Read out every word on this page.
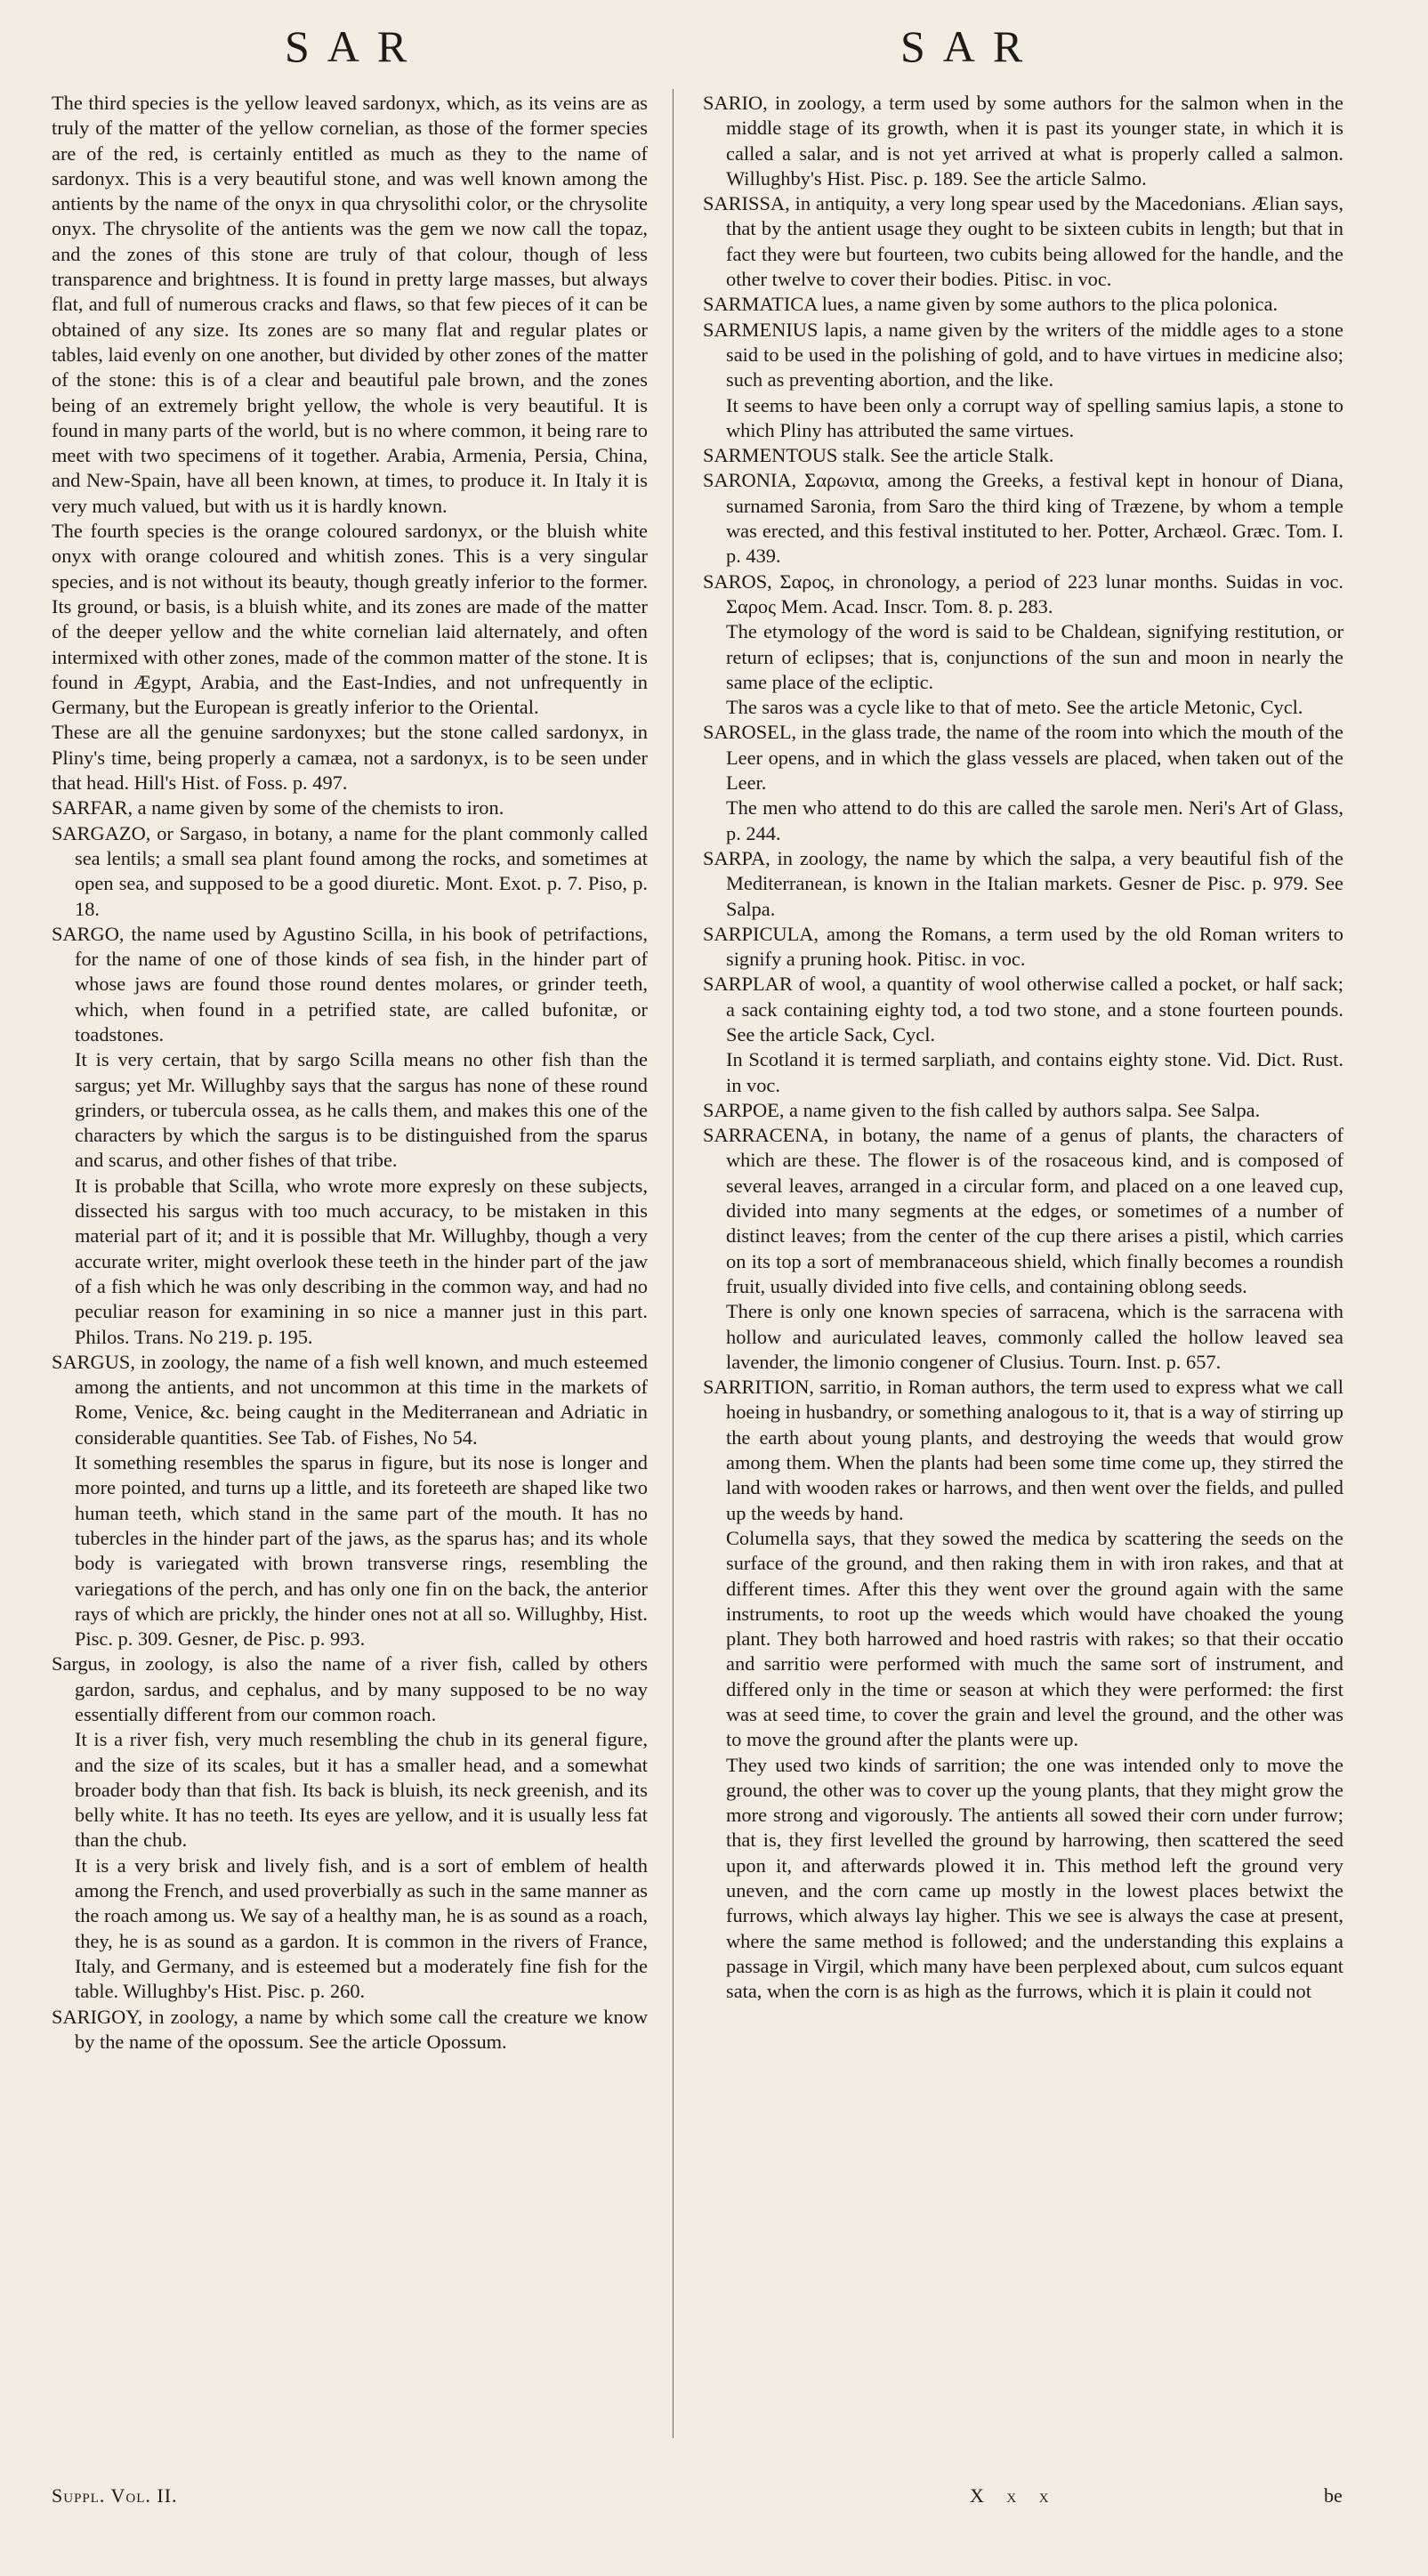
SAR	SAR

The third species is the yellow leaved sardonyx, which, as its veins are as truly of the matter of the yellow cornelian, as those of the former species are of the red, is certainly entitled as much as they to the name of sardonyx. This is a very beautiful stone, and was well known among the antients by the name of the onyx in qua chrysolithi color, or the chrysolite onyx. The chrysolite of the antients was the gem we now call the topaz, and the zones of this stone are truly of that colour, though of less transparence and brightness. It is found in pretty large masses, but always flat, and full of numerous cracks and flaws, so that few pieces of it can be obtained of any size. Its zones are so many flat and regular plates or tables, laid evenly on one another, but divided by other zones of the matter of the stone: this is of a clear and beautiful pale brown, and the zones being of an extremely bright yellow, the whole is very beautiful. It is found in many parts of the world, but is no where common, it being rare to meet with two specimens of it together. Arabia, Armenia, Persia, China, and New-Spain, have all been known, at times, to produce it. In Italy it is very much valued, but with us it is hardly known.

The fourth species is the orange coloured sardonyx, or the bluish white onyx with orange coloured and whitish zones. This is a very singular species, and is not without its beauty, though greatly inferior to the former. Its ground, or basis, is a bluish white, and its zones are made of the matter of the deeper yellow and the white cornelian laid alternately, and often intermixed with other zones, made of the common matter of the stone. It is found in Ægypt, Arabia, and the East-Indies, and not unfrequently in Germany, but the European is greatly inferior to the Oriental.

These are all the genuine sardonyxes; but the stone called sardonyx, in Pliny's time, being properly a camæa, not a sardonyx, is to be seen under that head. Hill's Hist. of Foss. p. 497.

SARFAR, a name given by some of the chemists to iron.

SARGAZO, or Sargaso, in botany, a name for the plant commonly called sea lentils; a small sea plant found among the rocks, and sometimes at open sea, and supposed to be a good diuretic. Mont. Exot. p. 7. Piso, p. 18.

SARGO, the name used by Agustino Scilla, in his book of petrifactions, for the name of one of those kinds of sea fish, in the hinder part of whose jaws are found those round dentes molares, or grinder teeth, which, when found in a petrified state, are called bufonitæ, or toadstones.

It is very certain, that by sargo Scilla means no other fish than the sargus; yet Mr. Willughby says that the sargus has none of these round grinders, or tubercula ossea, as he calls them, and makes this one of the characters by which the sargus is to be distinguished from the sparus and scarus, and other fishes of that tribe.

It is probable that Scilla, who wrote more expresly on these subjects, dissected his sargus with too much accuracy, to be mistaken in this material part of it; and it is possible that Mr. Willughby, though a very accurate writer, might overlook these teeth in the hinder part of the jaw of a fish which he was only describing in the common way, and had no peculiar reason for examining in so nice a manner just in this part. Philos. Trans. No 219. p. 195.

SARGUS, in zoology, the name of a fish well known, and much esteemed among the antients, and not uncommon at this time in the markets of Rome, Venice, &c. being caught in the Mediterranean and Adriatic in considerable quantities. See Tab. of Fishes, No 54.

It something resembles the sparus in figure, but its nose is longer and more pointed, and turns up a little, and its foreteeth are shaped like two human teeth, which stand in the same part of the mouth. It has no tubercles in the hinder part of the jaws, as the sparus has; and its whole body is variegated with brown transverse rings, resembling the variegations of the perch, and has only one fin on the back, the anterior rays of which are prickly, the hinder ones not at all so. Willughby, Hist. Pisc. p. 309. Gesner, de Pisc. p. 993.

Sargus, in zoology, is also the name of a river fish, called by others gardon, sardus, and cephalus, and by many supposed to be no way essentially different from our common roach.

It is a river fish, very much resembling the chub in its general figure, and the size of its scales, but it has a smaller head, and a somewhat broader body than that fish. Its back is bluish, its neck greenish, and its belly white. It has no teeth. Its eyes are yellow, and it is usually less fat than the chub.

It is a very brisk and lively fish, and is a sort of emblem of health among the French, and used proverbially as such in the same manner as the roach among us. We say of a healthy man, he is as sound as a roach, they, he is as sound as a gardon. It is common in the rivers of France, Italy, and Germany, and is esteemed but a moderately fine fish for the table. Willughby's Hist. Pisc. p. 260.

SARIGOY, in zoology, a name by which some call the creature we know by the name of the opossum. See the article Opossum.

SARIO, in zoology, a term used by some authors for the salmon when in the middle stage of its growth, when it is past its younger state, in which it is called a salar, and is not yet arrived at what is properly called a salmon. Willughby's Hist. Pisc. p. 189. See the article Salmo.

SARISSA, in antiquity, a very long spear used by the Macedonians. Ælian says, that by the antient usage they ought to be sixteen cubits in length; but that in fact they were but fourteen, two cubits being allowed for the handle, and the other twelve to cover their bodies. Pitisc. in voc.

SARMATICA lues, a name given by some authors to the plica polonica.

SARMENIUS lapis, a name given by the writers of the middle ages to a stone said to be used in the polishing of gold, and to have virtues in medicine also; such as preventing abortion, and the like.

It seems to have been only a corrupt way of spelling samius lapis, a stone to which Pliny has attributed the same virtues.

SARMENTOUS stalk. See the article Stalk.

SARONIA, Σαρωνια, among the Greeks, a festival kept in honour of Diana, surnamed Saronia, from Saro the third king of Træzene, by whom a temple was erected, and this festival instituted to her. Potter, Archæol. Græc. Tom. I. p. 439.

SAROS, Σαρος, in chronology, a period of 223 lunar months. Suidas in voc. Σαρος Mem. Acad. Inscr. Tom. 8. p. 283.

The etymology of the word is said to be Chaldean, signifying restitution, or return of eclipses; that is, conjunctions of the sun and moon in nearly the same place of the ecliptic.

The saros was a cycle like to that of meto. See the article Metonic, Cycl.

SAROSEL, in the glass trade, the name of the room into which the mouth of the Leer opens, and in which the glass vessels are placed, when taken out of the Leer.

The men who attend to do this are called the sarole men. Neri's Art of Glass, p. 244.

SARPA, in zoology, the name by which the salpa, a very beautiful fish of the Mediterranean, is known in the Italian markets. Gesner de Pisc. p. 979. See Salpa.

SARPICULA, among the Romans, a term used by the old Roman writers to signify a pruning hook. Pitisc. in voc.

SARPLAR of wool, a quantity of wool otherwise called a pocket, or half sack; a sack containing eighty tod, a tod two stone, and a stone fourteen pounds. See the article Sack, Cycl.

In Scotland it is termed sarpliath, and contains eighty stone. Vid. Dict. Rust. in voc.

SARPOE, a name given to the fish called by authors salpa. See Salpa.

SARRACENA, in botany, the name of a genus of plants, the characters of which are these. The flower is of the rosaceous kind, and is composed of several leaves, arranged in a circular form, and placed on a one leaved cup, divided into many segments at the edges, or sometimes of a number of distinct leaves; from the center of the cup there arises a pistil, which carries on its top a sort of membranaceous shield, which finally becomes a roundish fruit, usually divided into five cells, and containing oblong seeds.

There is only one known species of sarracena, which is the sarracena with hollow and auriculated leaves, commonly called the hollow leaved sea lavender, the limonio congener of Clusius. Tourn. Inst. p. 657.

SARRITION, sarritio, in Roman authors, the term used to express what we call hoeing in husbandry, or something analogous to it, that is a way of stirring up the earth about young plants, and destroying the weeds that would grow among them. When the plants had been some time come up, they stirred the land with wooden rakes or harrows, and then went over the fields, and pulled up the weeds by hand.

Columella says, that they sowed the medica by scattering the seeds on the surface of the ground, and then raking them in with iron rakes, and that at different times. After this they went over the ground again with the same instruments, to root up the weeds which would have choaked the young plant. They both harrowed and hoed rastris with rakes; so that their occatio and sarritio were performed with much the same sort of instrument, and differed only in the time or season at which they were performed: the first was at seed time, to cover the grain and level the ground, and the other was to move the ground after the plants were up.

They used two kinds of sarrition; the one was intended only to move the ground, the other was to cover up the young plants, that they might grow the more strong and vigorously. The antients all sowed their corn under furrow; that is, they first levelled the ground by harrowing, then scattered the seed upon it, and afterwards plowed it in. This method left the ground very uneven, and the corn came up mostly in the lowest places betwixt the furrows, which always lay higher. This we see is always the case at present, where the same method is followed; and the understanding this explains a passage in Virgil, which many have been perplexed about, cum sulcos equant sata, when the corn is as high as the furrows, which it is plain it could not

Suppl. Vol. II.	X x x	be
